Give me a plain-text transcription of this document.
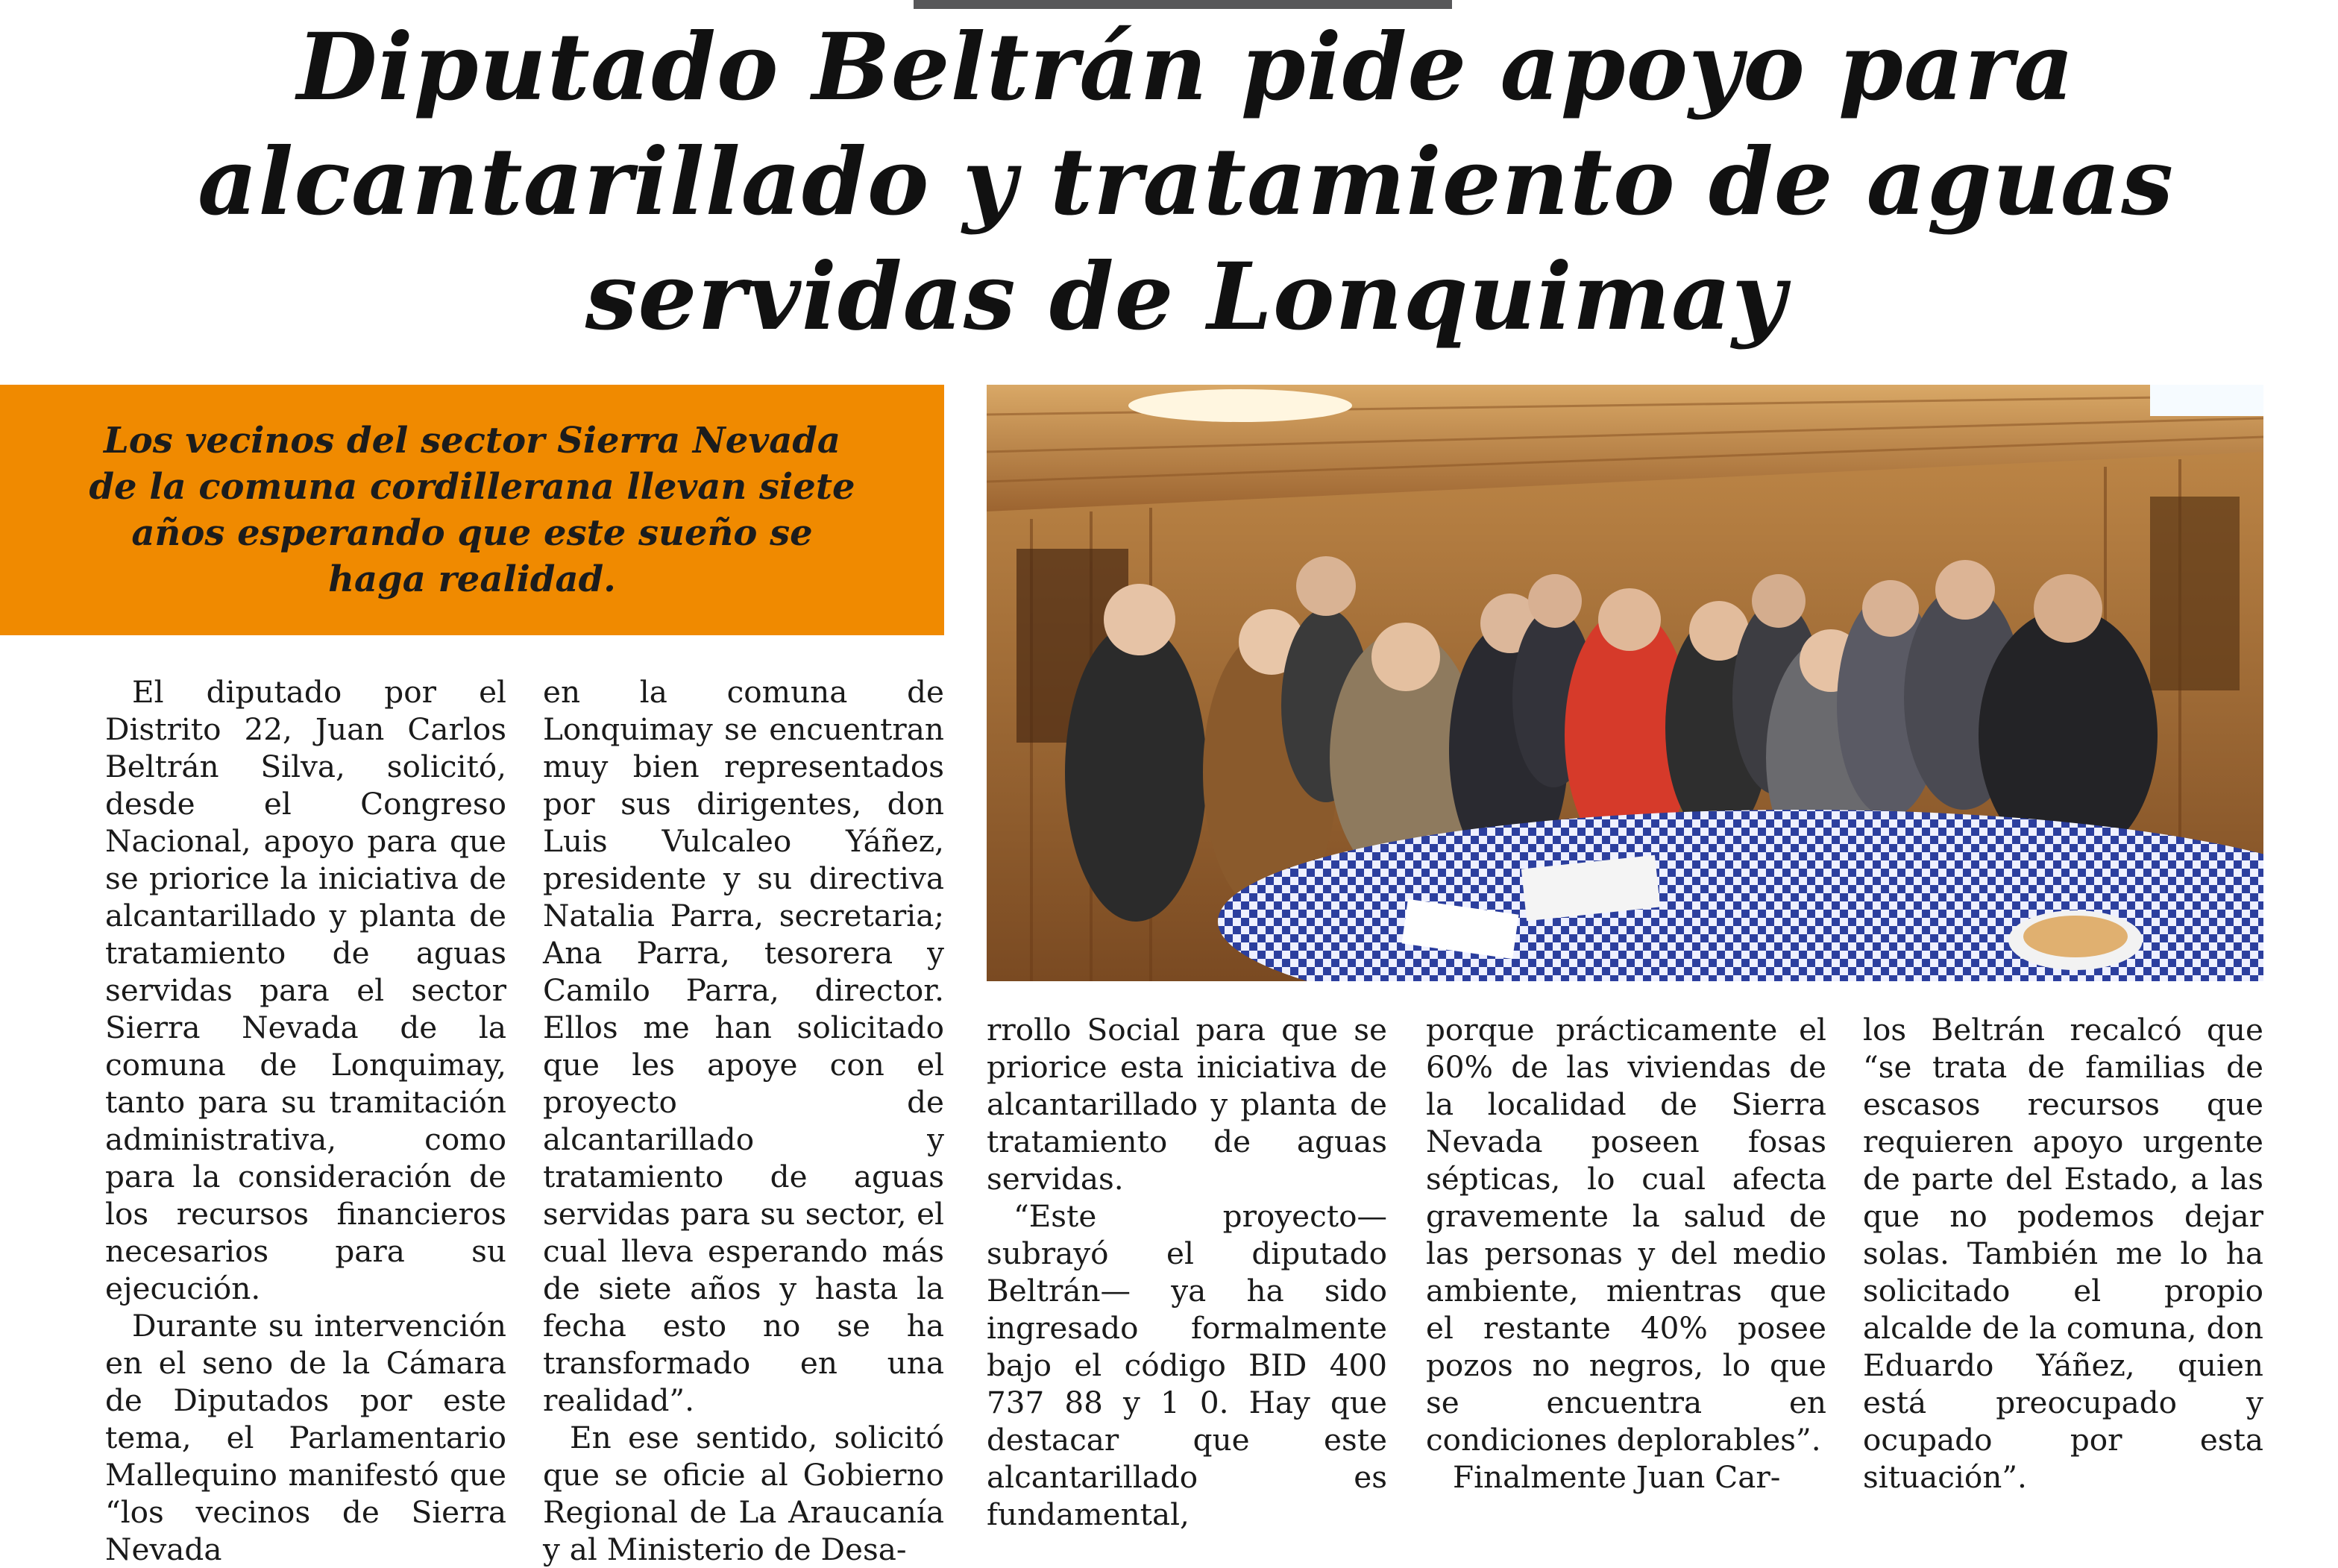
Diputado Beltrán pide apoyo para alcantarillado y tratamiento de aguas servidas de Lonquimay

Los vecinos del sector Sierra Nevada de la comuna cordillerana llevan siete años esperando que este sueño se haga realidad.

El diputado por el Distrito 22, Juan Carlos Beltrán Silva, solicitó, desde el Congreso Nacional, apoyo para que se priorice la iniciativa de alcantarillado y planta de tratamiento de aguas servidas para el sector Sierra Nevada de la comuna de Lonquimay, tanto para su tramitación administrativa, como para la consideración de los recursos financieros necesarios para su ejecución.

Durante su intervención en el seno de la Cámara de Diputados por este tema, el Parlamentario Mallequino manifestó que “los vecinos de Sierra Nevada

en la comuna de Lonquimay se encuentran muy bien representados por sus dirigentes, don Luis Vulcaleo Yáñez, presidente y su directiva Natalia Parra, secretaria; Ana Parra, tesorera y Camilo Parra, director. Ellos me han solicitado que les apoye con el proyecto de alcantarillado y tratamiento de aguas servidas para su sector, el cual lleva esperando más de siete años y hasta la fecha esto no se ha transformado en una realidad”.

En ese sentido, solicitó que se oficie al Gobierno Regional de La Araucanía y al Ministerio de Desa-

rrollo Social para que se priorice esta iniciativa de alcantarillado y planta de tratamiento de aguas servidas.

“Este proyecto—subrayó el diputado Beltrán— ya ha sido ingresado formalmente bajo el código BID 400 737 88 y 1 0. Hay que destacar que este alcantarillado es fundamental,

porque prácticamente el 60% de las viviendas de la localidad de Sierra Nevada poseen fosas sépticas, lo cual afecta gravemente la salud de las personas y del medio ambiente, mientras que el restante 40% posee pozos no negros, lo que se encuentra en condiciones deplorables”.

Finalmente Juan Car-

los Beltrán recalcó que “se trata de familias de escasos recursos que requieren apoyo urgente de parte del Estado, a las que no podemos dejar solas. También me lo ha solicitado el propio alcalde de la comuna, don Eduardo Yáñez, quien está preocupado y ocupado por esta situación”.
